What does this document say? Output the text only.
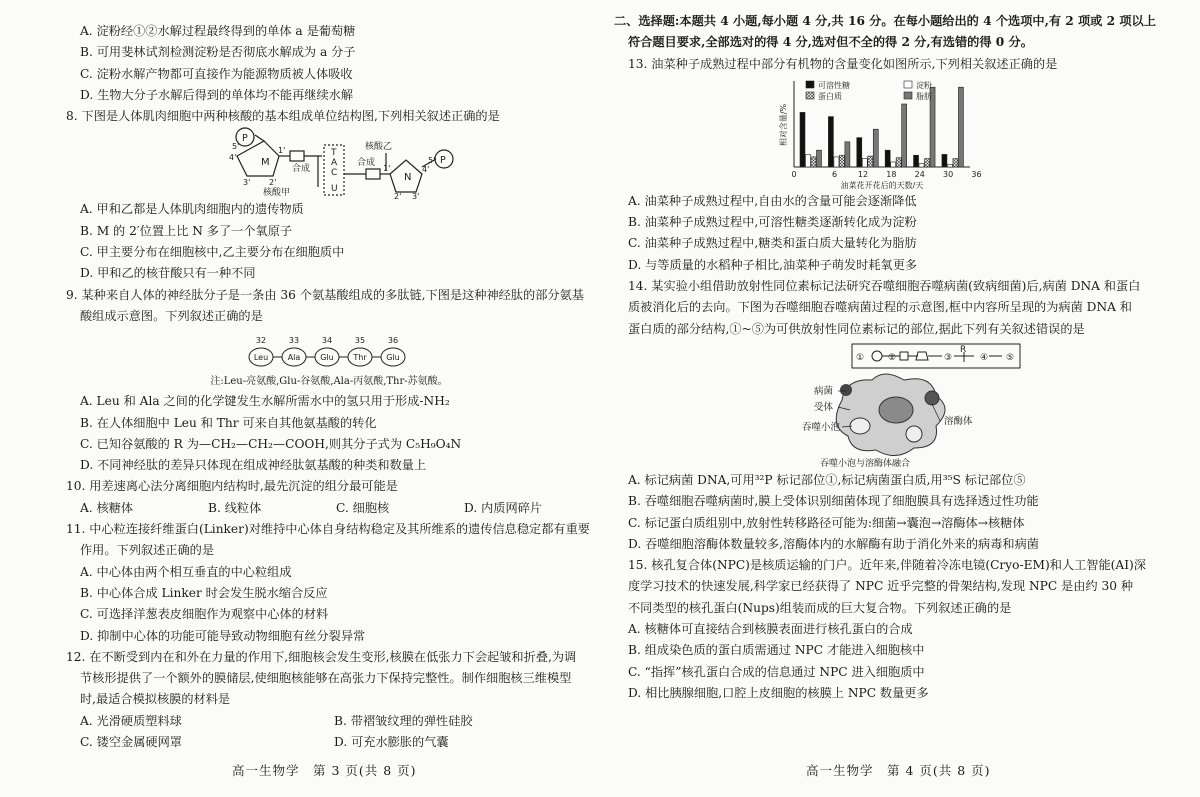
A. 淀粉经①②水解过程最终得到的单体 a 是葡萄糖
B. 可用斐林试剂检测淀粉是否彻底水解成为 a 分子
C. 淀粉水解产物都可直接作为能源物质被人体吸收
D. 生物大分子水解后得到的单体均不能再继续水解
8. 下图是人体肌肉细胞中两种核酸的基本组成单位结构图,下列相关叙述正确的是
P
M
N
P
合成
合成
核酸甲
核酸乙
T
A
C
U
5'
4'
3' 2'
1'
1'
2' 3'
4'
5'
A. 甲和乙都是人体肌肉细胞内的遗传物质
B. M 的 2′位置上比 N 多了一个氧原子
C. 甲主要分布在细胞核中,乙主要分布在细胞质中
D. 甲和乙的核苷酸只有一种不同
9. 某种来自人体的神经肽分子是一条由 36 个氨基酸组成的多肽链,下图是这种神经肽的部分氨基
酸组成示意图。下列叙述正确的是
Leu
32
Ala
33
Glu
34
Thr
35
Glu
36
注:Leu-亮氨酸,Glu-谷氨酸,Ala-丙氨酸,Thr-苏氨酸。
A. Leu 和 Ala 之间的化学键发生水解所需水中的氢只用于形成-NH₂
B. 在人体细胞中 Leu 和 Thr 可来自其他氨基酸的转化
C. 已知谷氨酸的 R 为—CH₂—CH₂—COOH,则其分子式为 C₅H₉O₄N
D. 不同神经肽的差异只体现在组成神经肽氨基酸的种类和数量上
10. 用差速离心法分离细胞内结构时,最先沉淀的组分最可能是
A. 核糖体	B. 线粒体	C. 细胞核	D. 内质网碎片
11. 中心粒连接纤维蛋白(Linker)对维持中心体自身结构稳定及其所维系的遗传信息稳定都有重要
作用。下列叙述正确的是
A. 中心体由两个相互垂直的中心粒组成
B. 中心体合成 Linker 时会发生脱水缩合反应
C. 可选择洋葱表皮细胞作为观察中心体的材料
D. 抑制中心体的功能可能导致动物细胞有丝分裂异常
12. 在不断受到内在和外在力量的作用下,细胞核会发生变形,核膜在低张力下会起皱和折叠,为调
节核形提供了一个额外的膜储层,使细胞核能够在高张力下保持完整性。制作细胞核三维模型
时,最适合模拟核膜的材料是
A. 光滑硬质塑料球	B. 带褶皱纹理的弹性硅胶
C. 镂空金属硬网罩	D. 可充水膨胀的气囊
高一生物学　第 3 页(共 8 页)
二、选择题:本题共 4 小题,每小题 4 分,共 16 分。在每小题给出的 4 个选项中,有 2 项或 2 项以上
符合题目要求,全部选对的得 4 分,选对但不全的得 2 分,有选错的得 0 分。
13. 油菜种子成熟过程中部分有机物的含量变化如图所示,下列相关叙述正确的是
0	6	12 18 24 30 36
油菜花开花后的天数/天
相对含量/%
可溶性糖	淀粉
蛋白质	脂肪
A. 油菜种子成熟过程中,自由水的含量可能会逐渐降低
B. 油菜种子成熟过程中,可溶性糖类逐渐转化成为淀粉
C. 油菜种子成熟过程中,糖类和蛋白质大量转化为脂肪
D. 与等质量的水稻种子相比,油菜种子萌发时耗氧更多
14. 某实验小组借助放射性同位素标记法研究吞噬细胞吞噬病菌(致病细菌)后,病菌 DNA 和蛋白
质被消化后的去向。下图为吞噬细胞吞噬病菌过程的示意图,框中内容所呈现的为病菌 DNA 和
蛋白质的部分结构,①~⑤为可供放射性同位素标记的部位,据此下列有关叙述错误的是
①	②	③	④ ⑤
R
病菌
受体
吞噬小泡
溶酶体
吞噬小泡与溶酶体融合
A. 标记病菌 DNA,可用³²P 标记部位①,标记病菌蛋白质,用³⁵S 标记部位⑤
B. 吞噬细胞吞噬病菌时,膜上受体识别细菌体现了细胞膜具有选择透过性功能
C. 标记蛋白质组别中,放射性转移路径可能为:细菌→囊泡→溶酶体→核糖体
D. 吞噬细胞溶酶体数量较多,溶酶体内的水解酶有助于消化外来的病毒和病菌
15. 核孔复合体(NPC)是核质运输的门户。近年来,伴随着冷冻电镜(Cryo-EM)和人工智能(AI)深
度学习技术的快速发展,科学家已经获得了 NPC 近乎完整的骨架结构,发现 NPC 是由约 30 种
不同类型的核孔蛋白(Nups)组装而成的巨大复合物。下列叙述正确的是
A. 核糖体可直接结合到核膜表面进行核孔蛋白的合成
B. 组成染色质的蛋白质需通过 NPC 才能进入细胞核中
C. “指挥”核孔蛋白合成的信息通过 NPC 进入细胞质中
D. 相比胰腺细胞,口腔上皮细胞的核膜上 NPC 数量更多
高一生物学　第 4 页(共 8 页)
